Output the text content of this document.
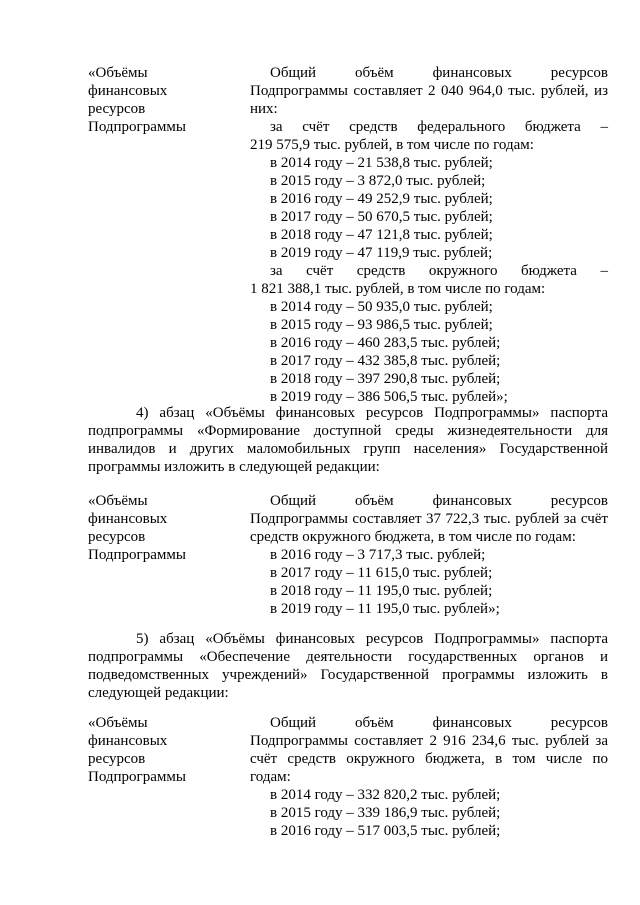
«Объёмы
финансовых
ресурсов
Подпрограммы
Общий объём финансовых ресурсов
Подпрограммы составляет 2 040 964,0 тыс. рублей, из
них:
за счёт средств федерального бюджета –
219 575,9 тыс. рублей, в том числе по годам:
в 2014 году – 21 538,8 тыс. рублей;
в 2015 году – 3 872,0 тыс. рублей;
в 2016 году – 49 252,9 тыс. рублей;
в 2017 году – 50 670,5 тыс. рублей;
в 2018 году – 47 121,8 тыс. рублей;
в 2019 году – 47 119,9 тыс. рублей;
за счёт средств окружного бюджета –
1 821 388,1 тыс. рублей, в том числе по годам:
в 2014 году – 50 935,0 тыс. рублей;
в 2015 году – 93 986,5 тыс. рублей;
в 2016 году – 460 283,5 тыс. рублей;
в 2017 году – 432 385,8 тыс. рублей;
в 2018 году – 397 290,8 тыс. рублей;
в 2019 году – 386 506,5 тыс. рублей»;
4) абзац «Объёмы финансовых ресурсов Подпрограммы» паспорта
подпрограммы «Формирование доступной среды жизнедеятельности для
инвалидов и других маломобильных групп населения» Государственной
программы изложить в следующей редакции:
«Объёмы
финансовых
ресурсов
Подпрограммы
Общий объём финансовых ресурсов
Подпрограммы составляет 37 722,3 тыс. рублей за счёт
средств окружного бюджета, в том числе по годам:
в 2016 году – 3 717,3 тыс. рублей;
в 2017 году – 11 615,0 тыс. рублей;
в 2018 году – 11 195,0 тыс. рублей;
в 2019 году – 11 195,0 тыс. рублей»;
5) абзац «Объёмы финансовых ресурсов Подпрограммы» паспорта
подпрограммы «Обеспечение деятельности государственных органов и
подведомственных учреждений» Государственной программы изложить в
следующей редакции:
«Объёмы
финансовых
ресурсов
Подпрограммы
Общий объём финансовых ресурсов
Подпрограммы составляет 2 916 234,6 тыс. рублей за
счёт средств окружного бюджета, в том числе по
годам:
в 2014 году – 332 820,2 тыс. рублей;
в 2015 году – 339 186,9 тыс. рублей;
в 2016 году – 517 003,5 тыс. рублей;
